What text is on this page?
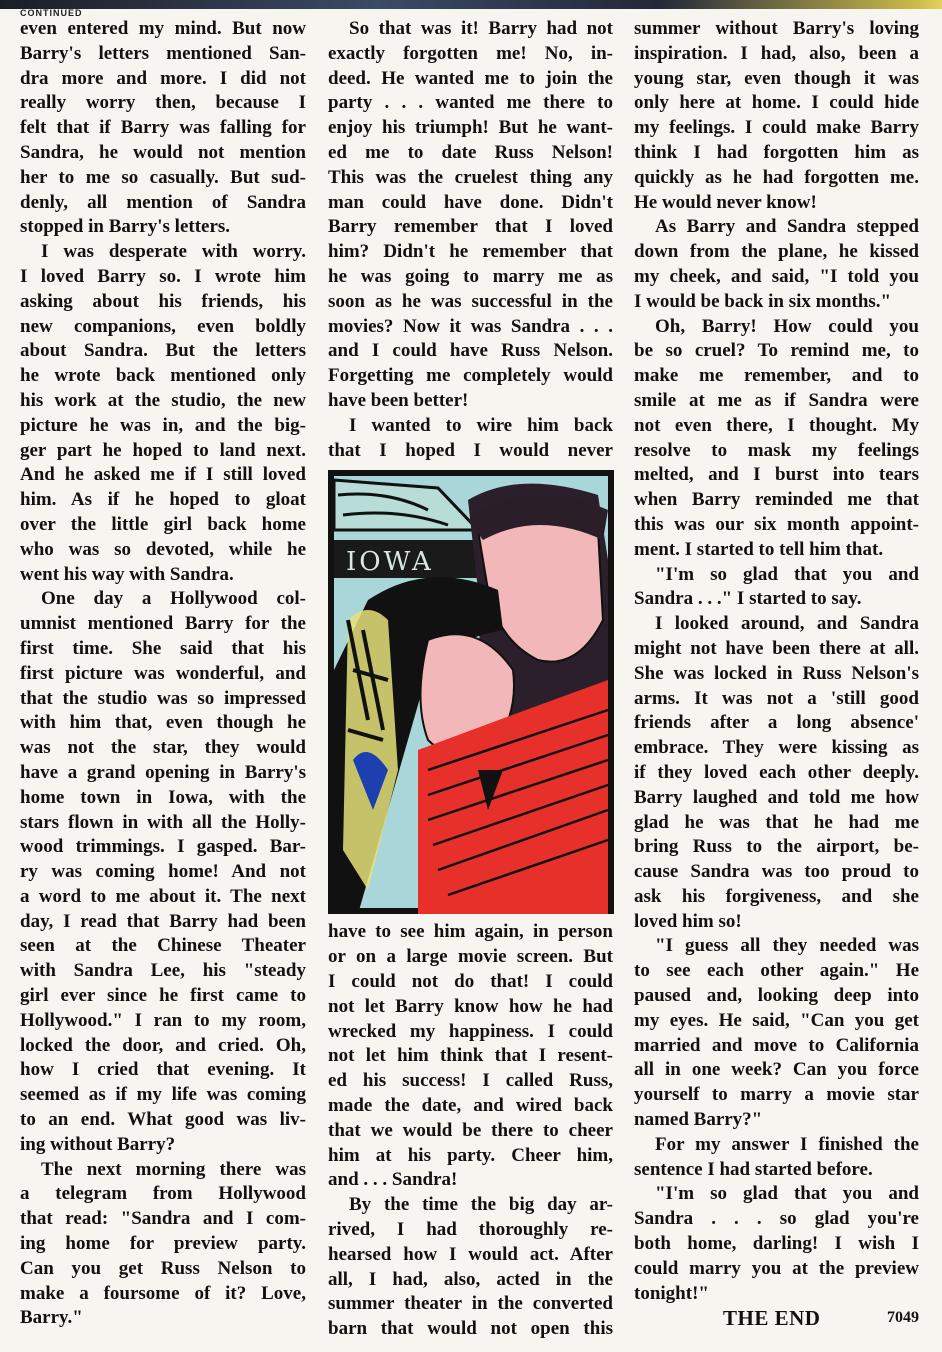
CONTINUED
even entered my mind. But now
Barry's letters mentioned San-
dra more and more. I did not
really worry then, because I
felt that if Barry was falling for
Sandra, he would not mention
her to me so casually. But sud-
denly, all mention of Sandra
stopped in Barry's letters.
I was desperate with worry.
I loved Barry so. I wrote him
asking about his friends, his
new companions, even boldly
about Sandra. But the letters
he wrote back mentioned only
his work at the studio, the new
picture he was in, and the big-
ger part he hoped to land next.
And he asked me if I still loved
him. As if he hoped to gloat
over the little girl back home
who was so devoted, while he
went his way with Sandra.
One day a Hollywood col-
umnist mentioned Barry for the
first time. She said that his
first picture was wonderful, and
that the studio was so impressed
with him that, even though he
was not the star, they would
have a grand opening in Barry's
home town in Iowa, with the
stars flown in with all the Holly-
wood trimmings. I gasped. Bar-
ry was coming home! And not
a word to me about it. The next
day, I read that Barry had been
seen at the Chinese Theater
with Sandra Lee, his "steady
girl ever since he first came to
Hollywood." I ran to my room,
locked the door, and cried. Oh,
how I cried that evening. It
seemed as if my life was coming
to an end. What good was liv-
ing without Barry?
The next morning there was
a telegram from Hollywood
that read: "Sandra and I com-
ing home for preview party.
Can you get Russ Nelson to
make a foursome of it? Love,
Barry."
So that was it! Barry had not
exactly forgotten me! No, in-
deed. He wanted me to join the
party . . . wanted me there to
enjoy his triumph! But he want-
ed me to date Russ Nelson!
This was the cruelest thing any
man could have done. Didn't
Barry remember that I loved
him? Didn't he remember that
he was going to marry me as
soon as he was successful in the
movies? Now it was Sandra . . .
and I could have Russ Nelson.
Forgetting me completely would
have been better!
I wanted to wire him back
that I hoped I would never
IOWA
have to see him again, in person
or on a large movie screen. But
I could not do that! I could
not let Barry know how he had
wrecked my happiness. I could
not let him think that I resent-
ed his success! I called Russ,
made the date, and wired back
that we would be there to cheer
him at his party. Cheer him,
and . . . Sandra!
By the time the big day ar-
rived, I had thoroughly re-
hearsed how I would act. After
all, I had, also, acted in the
summer theater in the converted
barn that would not open this
summer without Barry's loving
inspiration. I had, also, been a
young star, even though it was
only here at home. I could hide
my feelings. I could make Barry
think I had forgotten him as
quickly as he had forgotten me.
He would never know!
As Barry and Sandra stepped
down from the plane, he kissed
my cheek, and said, "I told you
I would be back in six months."
Oh, Barry! How could you
be so cruel? To remind me, to
make me remember, and to
smile at me as if Sandra were
not even there, I thought. My
resolve to mask my feelings
melted, and I burst into tears
when Barry reminded me that
this was our six month appoint-
ment. I started to tell him that.
"I'm so glad that you and
Sandra . . ." I started to say.
I looked around, and Sandra
might not have been there at all.
She was locked in Russ Nelson's
arms. It was not a 'still good
friends after a long absence'
embrace. They were kissing as
if they loved each other deeply.
Barry laughed and told me how
glad he was that he had me
bring Russ to the airport, be-
cause Sandra was too proud to
ask his forgiveness, and she
loved him so!
"I guess all they needed was
to see each other again." He
paused and, looking deep into
my eyes. He said, "Can you get
married and move to California
all in one week? Can you force
yourself to marry a movie star
named Barry?"
For my answer I finished the
sentence I had started before.
"I'm so glad that you and
Sandra . . . so glad you're
both home, darling! I wish I
could marry you at the preview
tonight!"
THE END	7049
